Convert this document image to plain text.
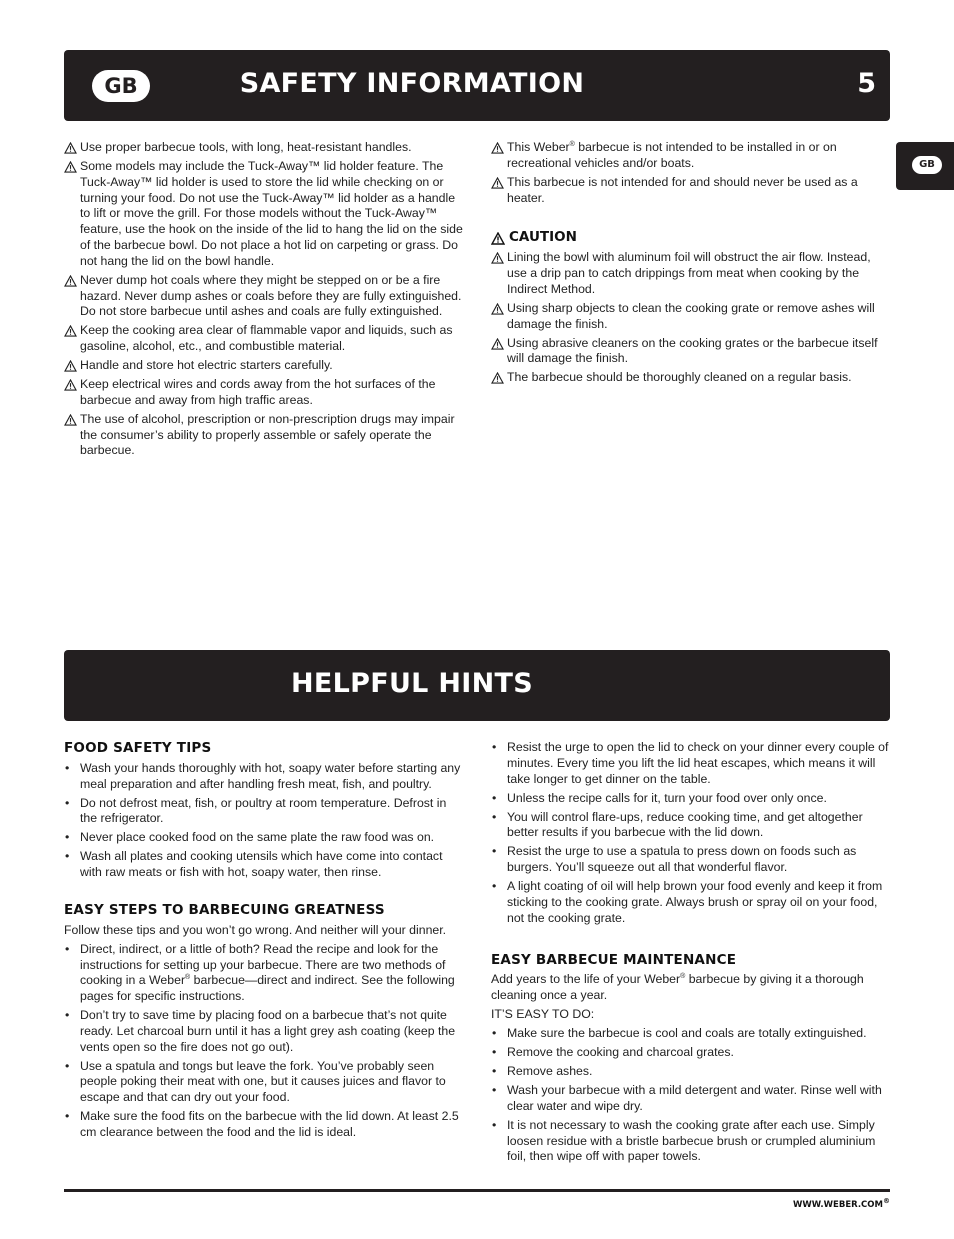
GB	SAFETY INFORMATION	5
GB
Use proper barbecue tools, with long, heat-resistant handles.
Some models may include the Tuck-Away™ lid holder feature. The Tuck-Away™ lid holder is used to store the lid while checking on or turning your food. Do not use the Tuck-Away™ lid holder as a handle to lift or move the grill. For those models without the Tuck-Away™ feature, use the hook on the inside of the lid to hang the lid on the side of the barbecue bowl. Do not place a hot lid on carpeting or grass. Do not hang the lid on the bowl handle.
Never dump hot coals where they might be stepped on or be a fire hazard. Never dump ashes or coals before they are fully extinguished. Do not store barbecue until ashes and coals are fully extinguished.
Keep the cooking area clear of flammable vapor and liquids, such as gasoline, alcohol, etc., and combustible material.
Handle and store hot electric starters carefully.
Keep electrical wires and cords away from the hot surfaces of the barbecue and away from high traffic areas.
The use of alcohol, prescription or non-prescription drugs may impair the consumer’s ability to properly assemble or safely operate the barbecue.
This Weber® barbecue is not intended to be installed in or on recreational vehicles and/or boats.
This barbecue is not intended for and should never be used as a heater.
CAUTION
Lining the bowl with aluminum foil will obstruct the air flow. Instead, use a drip pan to catch drippings from meat when cooking by the Indirect Method.
Using sharp objects to clean the cooking grate or remove ashes will damage the finish.
Using abrasive cleaners on the cooking grates or the barbecue itself will damage the finish.
The barbecue should be thoroughly cleaned on a regular basis.
HELPFUL HINTS
FOOD SAFETY TIPS
• Wash your hands thoroughly with hot, soapy water before starting any meal preparation and after handling fresh meat, fish, and poultry.
• Do not defrost meat, fish, or poultry at room temperature. Defrost in the refrigerator.
• Never place cooked food on the same plate the raw food was on.
• Wash all plates and cooking utensils which have come into contact with raw meats or fish with hot, soapy water, then rinse.
EASY STEPS TO BARBECUING GREATNESS

Follow these tips and you won’t go wrong. And neither will your dinner.

• Direct, indirect, or a little of both? Read the recipe and look for the instructions for setting up your barbecue. There are two methods of cooking in a Weber® barbecue—direct and indirect. See the following pages for specific instructions.
• Don’t try to save time by placing food on a barbecue that’s not quite ready. Let charcoal burn until it has a light grey ash coating (keep the vents open so the fire does not go out).
• Use a spatula and tongs but leave the fork. You’ve probably seen people poking their meat with one, but it causes juices and flavor to escape and that can dry out your food.
• Make sure the food fits on the barbecue with the lid down. At least 2.5 cm clearance between the food and the lid is ideal.
• Resist the urge to open the lid to check on your dinner every couple of minutes. Every time you lift the lid heat escapes, which means it will take longer to get dinner on the table.
• Unless the recipe calls for it, turn your food over only once.
• You will control flare-ups, reduce cooking time, and get altogether better results if you barbecue with the lid down.
• Resist the urge to use a spatula to press down on foods such as burgers. You’ll squeeze out all that wonderful flavor.
• A light coating of oil will help brown your food evenly and keep it from sticking to the cooking grate. Always brush or spray oil on your food, not the cooking grate.
EASY BARBECUE MAINTENANCE

Add years to the life of your Weber® barbecue by giving it a thorough cleaning once a year.

IT’S EASY TO DO:

• Make sure the barbecue is cool and coals are totally extinguished.
• Remove the cooking and charcoal grates.
• Remove ashes.
• Wash your barbecue with a mild detergent and water. Rinse well with clear water and wipe dry.
• It is not necessary to wash the cooking grate after each use. Simply loosen residue with a bristle barbecue brush or crumpled aluminium foil, then wipe off with paper towels.
WWW.WEBER.COM®
